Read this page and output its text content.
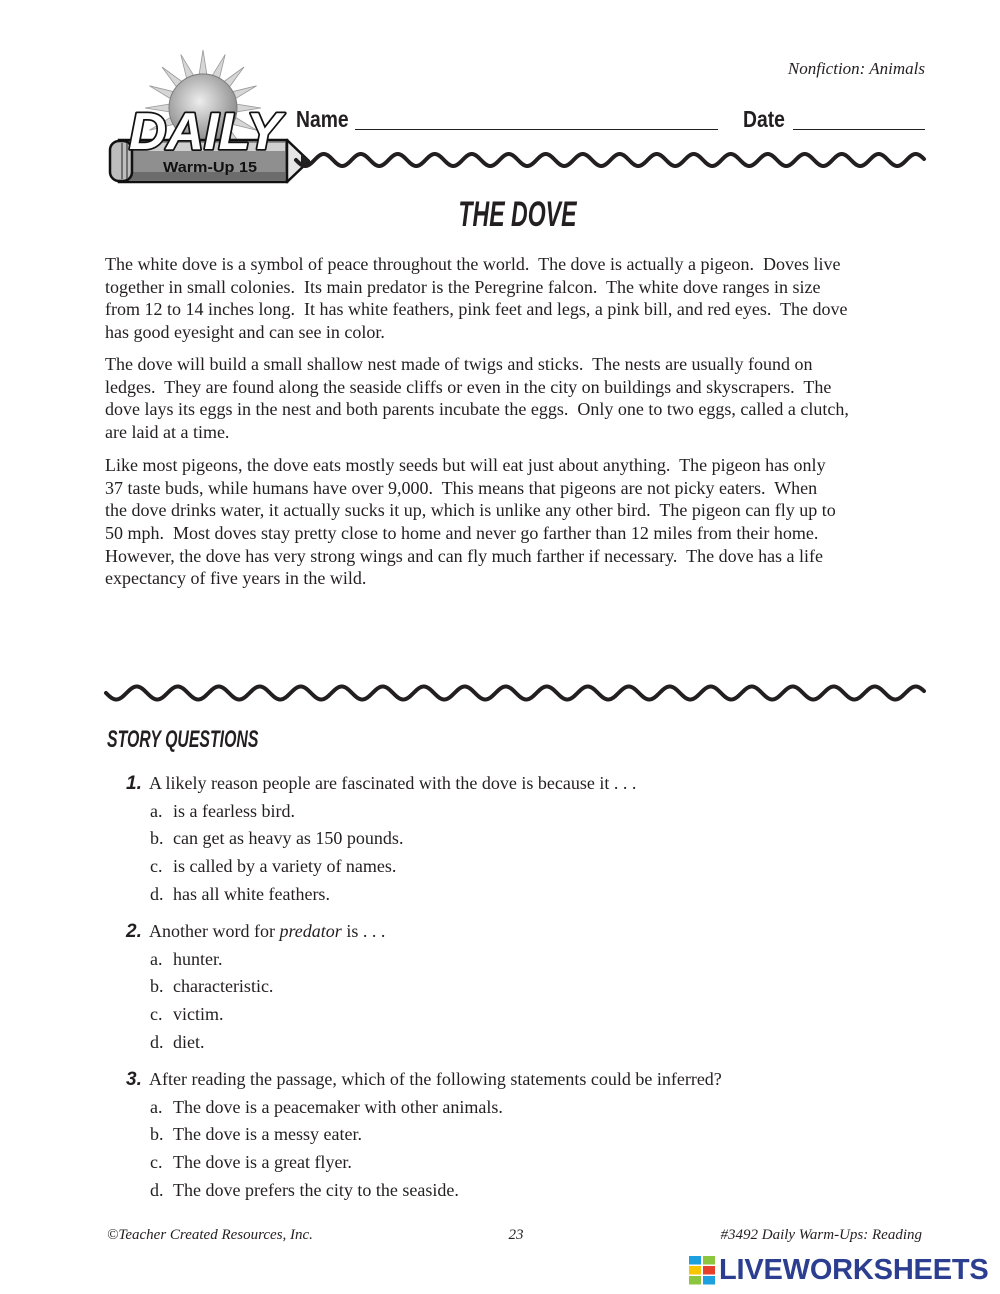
Nonfiction: Animals
DAILY
Warm-Up 15
Name	Date
THE DOVE
The white dove is a symbol of peace throughout the world.  The dove is actually a pigeon.  Doves live
together in small colonies.  Its main predator is the Peregrine falcon.  The white dove ranges in size
from 12 to 14 inches long.  It has white feathers, pink feet and legs, a pink bill, and red eyes.  The dove
has good eyesight and can see in color.
The dove will build a small shallow nest made of twigs and sticks.  The nests are usually found on
ledges.  They are found along the seaside cliffs or even in the city on buildings and skyscrapers.  The
dove lays its eggs in the nest and both parents incubate the eggs.  Only one to two eggs, called a clutch,
are laid at a time.
Like most pigeons, the dove eats mostly seeds but will eat just about anything.  The pigeon has only
37 taste buds, while humans have over 9,000.  This means that pigeons are not picky eaters.  When
the dove drinks water, it actually sucks it up, which is unlike any other bird.  The pigeon can fly up to
50 mph.  Most doves stay pretty close to home and never go farther than 12 miles from their home.
However, the dove has very strong wings and can fly much farther if necessary.  The dove has a life
expectancy of five years in the wild.
STORY QUESTIONS
1. A likely reason people are fascinated with the dove is because it . . .
a. is a fearless bird.
b. can get as heavy as 150 pounds.
c. is called by a variety of names.
d. has all white feathers.
2. Another word for predator is . . .
a. hunter.
b. characteristic.
c. victim.
d. diet.
3. After reading the passage, which of the following statements could be inferred?
a. The dove is a peacemaker with other animals.
b. The dove is a messy eater.
c. The dove is a great flyer.
d. The dove prefers the city to the seaside.
©Teacher Created Resources, Inc.	23	#3492 Daily Warm-Ups: Reading
LIVEWORKSHEETS
